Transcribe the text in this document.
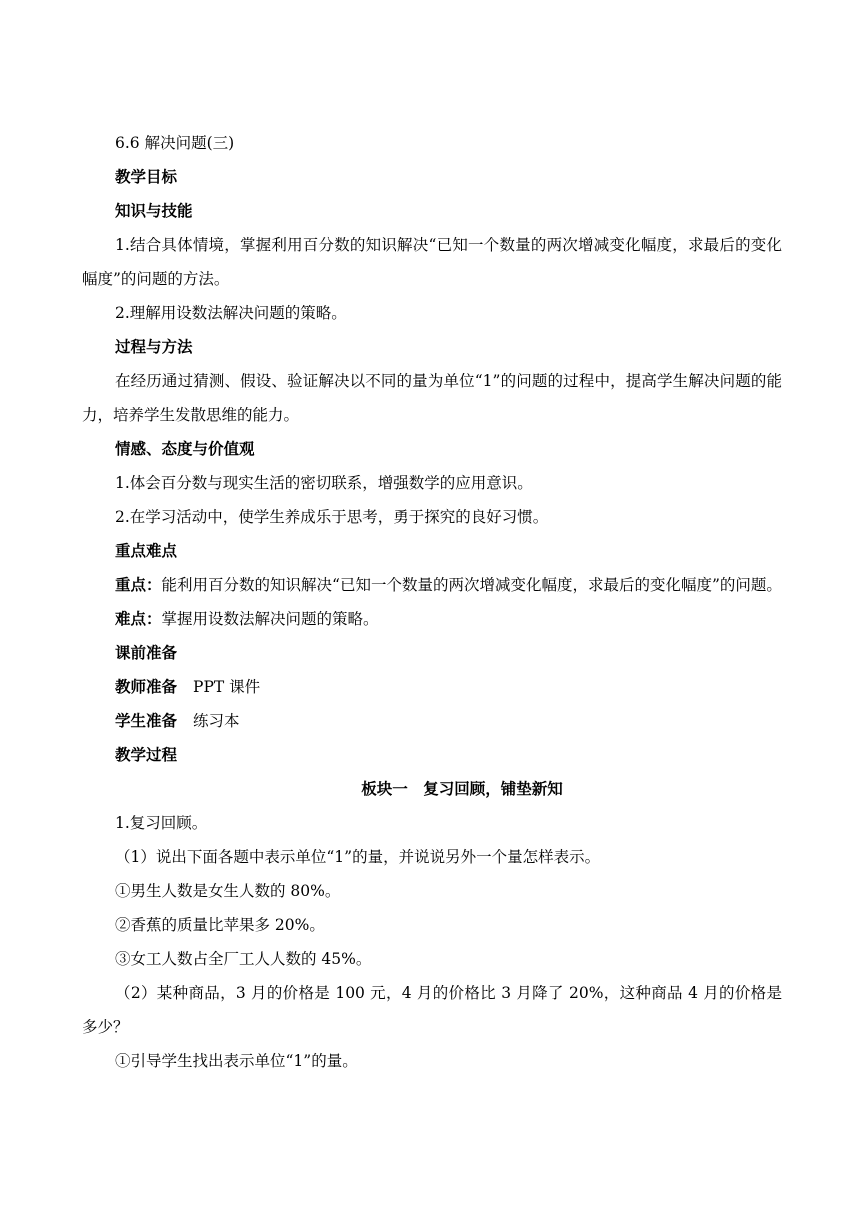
6.6 解决问题(三)

教学目标

知识与技能

1.结合具体情境，掌握利用百分数的知识解决“已知一个数量的两次增减变化幅度，求最后的变化幅度”的问题的方法。

2.理解用设数法解决问题的策略。

过程与方法

在经历通过猜测、假设、验证解决以不同的量为单位“1”的问题的过程中，提高学生解决问题的能力，培养学生发散思维的能力。

情感、态度与价值观

1.体会百分数与现实生活的密切联系，增强数学的应用意识。

2.在学习活动中，使学生养成乐于思考，勇于探究的良好习惯。

重点难点

重点：能利用百分数的知识解决“已知一个数量的两次增减变化幅度，求最后的变化幅度”的问题。

难点：掌握用设数法解决问题的策略。

课前准备

教师准备 PPT 课件

学生准备 练习本

教学过程

板块一　复习回顾，铺垫新知

1.复习回顾。

（1）说出下面各题中表示单位“1”的量，并说说另外一个量怎样表示。

①男生人数是女生人数的 80%。

②香蕉的质量比苹果多 20%。

③女工人数占全厂工人人数的 45%。

（2）某种商品，3 月的价格是 100 元，4 月的价格比 3 月降了 20%，这种商品 4 月的价格是多少？

①引导学生找出表示单位“1”的量。
